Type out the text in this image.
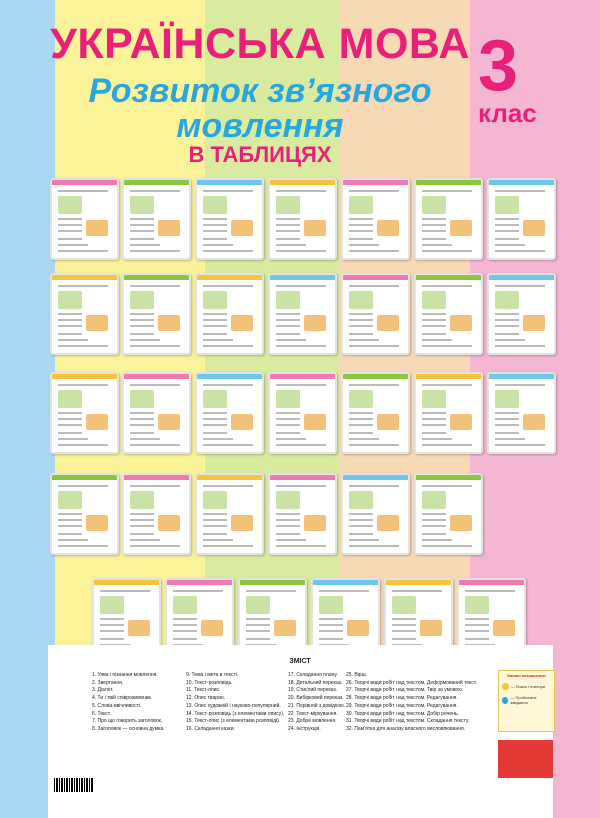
УКРАЇНСЬКА МОВА
Розвиток зв’язного
мовлення
В ТАБЛИЦЯХ
3
клас
ЗМІСТ
1. Уява і пізнання мовлення.
2. Звертання.
3. Діалог.
4. Ти і твій співрозмовник.
5. Слова-ввічливості.
6. Текст.
7. Про що говорить заголовок.
8. Заголовок — основна думка.
9. Тема і мета в тексті.
10. Текст-розповідь.
11. Текст-опис.
12. Опис тварин.
13. Опис художній і науково-популярний.
14. Текст-розповідь (з елементами опису).
15. Текст-опис (з елементами розповіді).
16. Складання казки.
17. Складання плану.
18. Детальний переказ.
19. Стислий переказ.
20. Вибірковий переказ.
21. Порівняй з довідкою.
22. Текст-міркування.
23. Добре мовлення.
24. Інструкція.
25. Вірш.
26. Творчі види робіт над текстом. Деформований текст.
27. Творчі види робіт над текстом. Твір за умовою.
28. Творчі види робіт над текстом. Редагування.
29. Творчі види робіт над текстом. Редагування.
30. Творчі види робіт над текстом. Добір речень.
31. Творчі види робіт над текстом. Складання тексту.
32. Пам'ятка для аналізу власного висловлювання.
Умовні позначення:
— Вчись і повтори
— Проблемне завдання
